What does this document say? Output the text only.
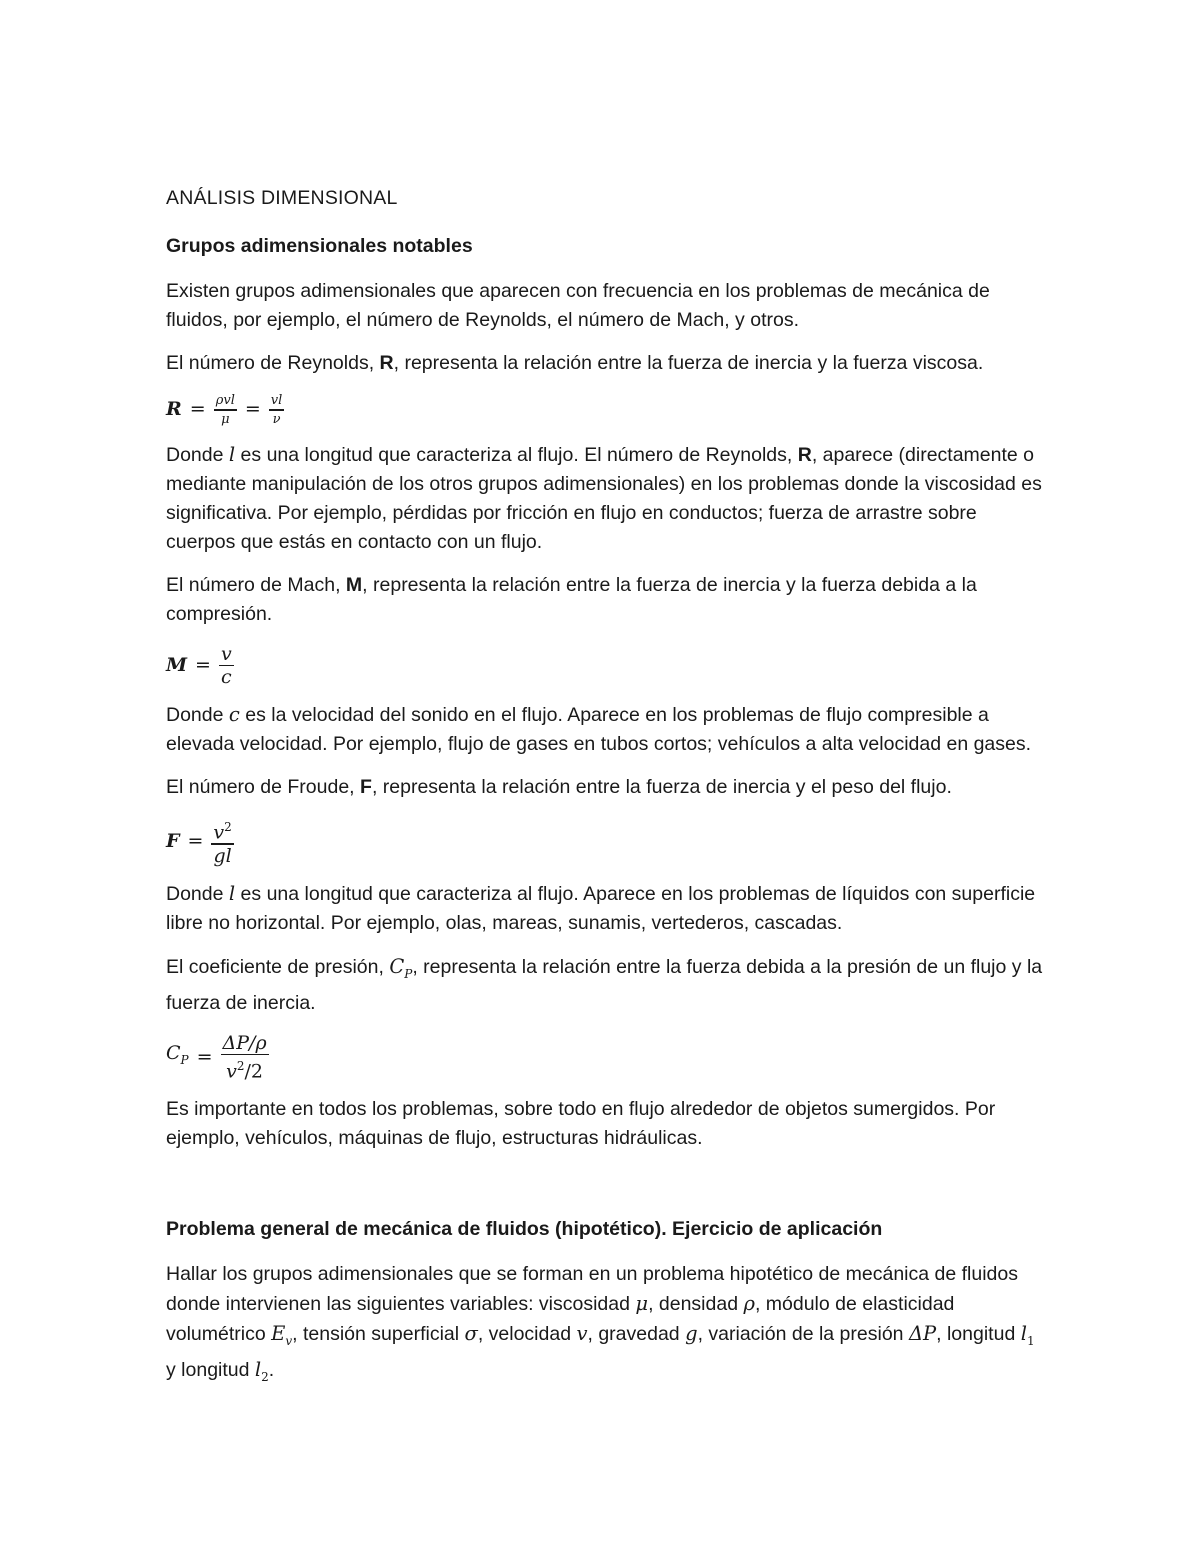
ANÁLISIS DIMENSIONAL
Grupos adimensionales notables

Existen grupos adimensionales que aparecen con frecuencia en los problemas de mecánica de fluidos, por ejemplo, el número de Reynolds, el número de Mach, y otros.

El número de Reynolds, R, representa la relación entre la fuerza de inercia y la fuerza viscosa.

$R = \frac{\text{ρvl}}{\mu} = \frac{vl}{\nu}$

Donde l es una longitud que caracteriza al flujo. El número de Reynolds, R, aparece (directamente o mediante manipulación de los otros grupos adimensionales) en los problemas donde la viscosidad es significativa. Por ejemplo, pérdidas por fricción en flujo en conductos; fuerza de arrastre sobre cuerpos que estás en contacto con un flujo.

El número de Mach, M, representa la relación entre la fuerza de inercia y la fuerza debida a la compresión.

$M = \frac{v}{c}$

Donde c es la velocidad del sonido en el flujo. Aparece en los problemas de flujo compresible a elevada velocidad. Por ejemplo, flujo de gases en tubos cortos; vehículos a alta velocidad en gases.

El número de Froude, F, representa la relación entre la fuerza de inercia y el peso del flujo.

$F = \frac{v^2}{gl}$

Donde l es una longitud que caracteriza al flujo. Aparece en los problemas de líquidos con superficie libre no horizontal. Por ejemplo, olas, mareas, sunamis, vertederos, cascadas.

El coeficiente de presión, $C_P$, representa la relación entre la fuerza debida a la presión de un flujo y la fuerza de inercia.

$C_P = \frac{\Delta P/\rho}{v^2/2}$

Es importante en todos los problemas, sobre todo en flujo alrededor de objetos sumergidos. Por ejemplo, vehículos, máquinas de flujo, estructuras hidráulicas.

Problema general de mecánica de fluidos (hipotético). Ejercicio de aplicación

Hallar los grupos adimensionales que se forman en un problema hipotético de mecánica de fluidos donde intervienen las siguientes variables: viscosidad μ, densidad ρ, módulo de elasticidad volumétrico $E_v$, tensión superficial σ, velocidad v, gravedad g, variación de la presión ΔP, longitud $l_1$ y longitud $l_2$.
